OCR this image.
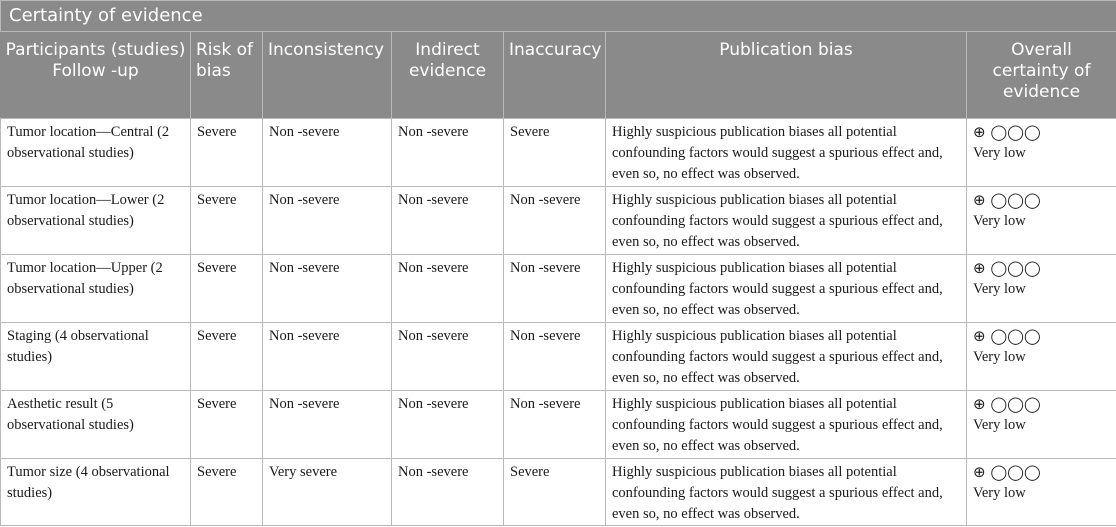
Certainty of evidence						
Participants (studies) Follow -up	Risk of bias	Inconsistency	Indirect evidence	Inaccuracy	Publication bias	Overall certainty of evidence
Tumor location—Central (2 observational studies)	Severe	Non -severe	Non -severe	Severe	Highly suspicious publication biases all potential confounding factors would suggest a spurious effect and, even so, no effect was observed.	⊕ ◯◯◯
Very low

Tumor location—Lower (2 observational studies)	Severe	Non -severe	Non -severe	Non -severe	Highly suspicious publication biases all potential confounding factors would suggest a spurious effect and, even so, no effect was observed.	⊕ ◯◯◯
Very low

Tumor location—Upper (2 observational studies)	Severe	Non -severe	Non -severe	Non -severe	Highly suspicious publication biases all potential confounding factors would suggest a spurious effect and, even so, no effect was observed.	⊕ ◯◯◯
Very low

Staging (4 observational studies)	Severe	Non -severe	Non -severe	Non -severe	Highly suspicious publication biases all potential confounding factors would suggest a spurious effect and, even so, no effect was observed.	⊕ ◯◯◯
Very low

Aesthetic result (5 observational studies)	Severe	Non -severe	Non -severe	Non -severe	Highly suspicious publication biases all potential confounding factors would suggest a spurious effect and, even so, no effect was observed.	⊕ ◯◯◯
Very low

Tumor size (4 observational studies)	Severe	Very severe	Non -severe	Severe	Highly suspicious publication biases all potential confounding factors would suggest a spurious effect and, even so, no effect was observed.	⊕ ◯◯◯
Very low
